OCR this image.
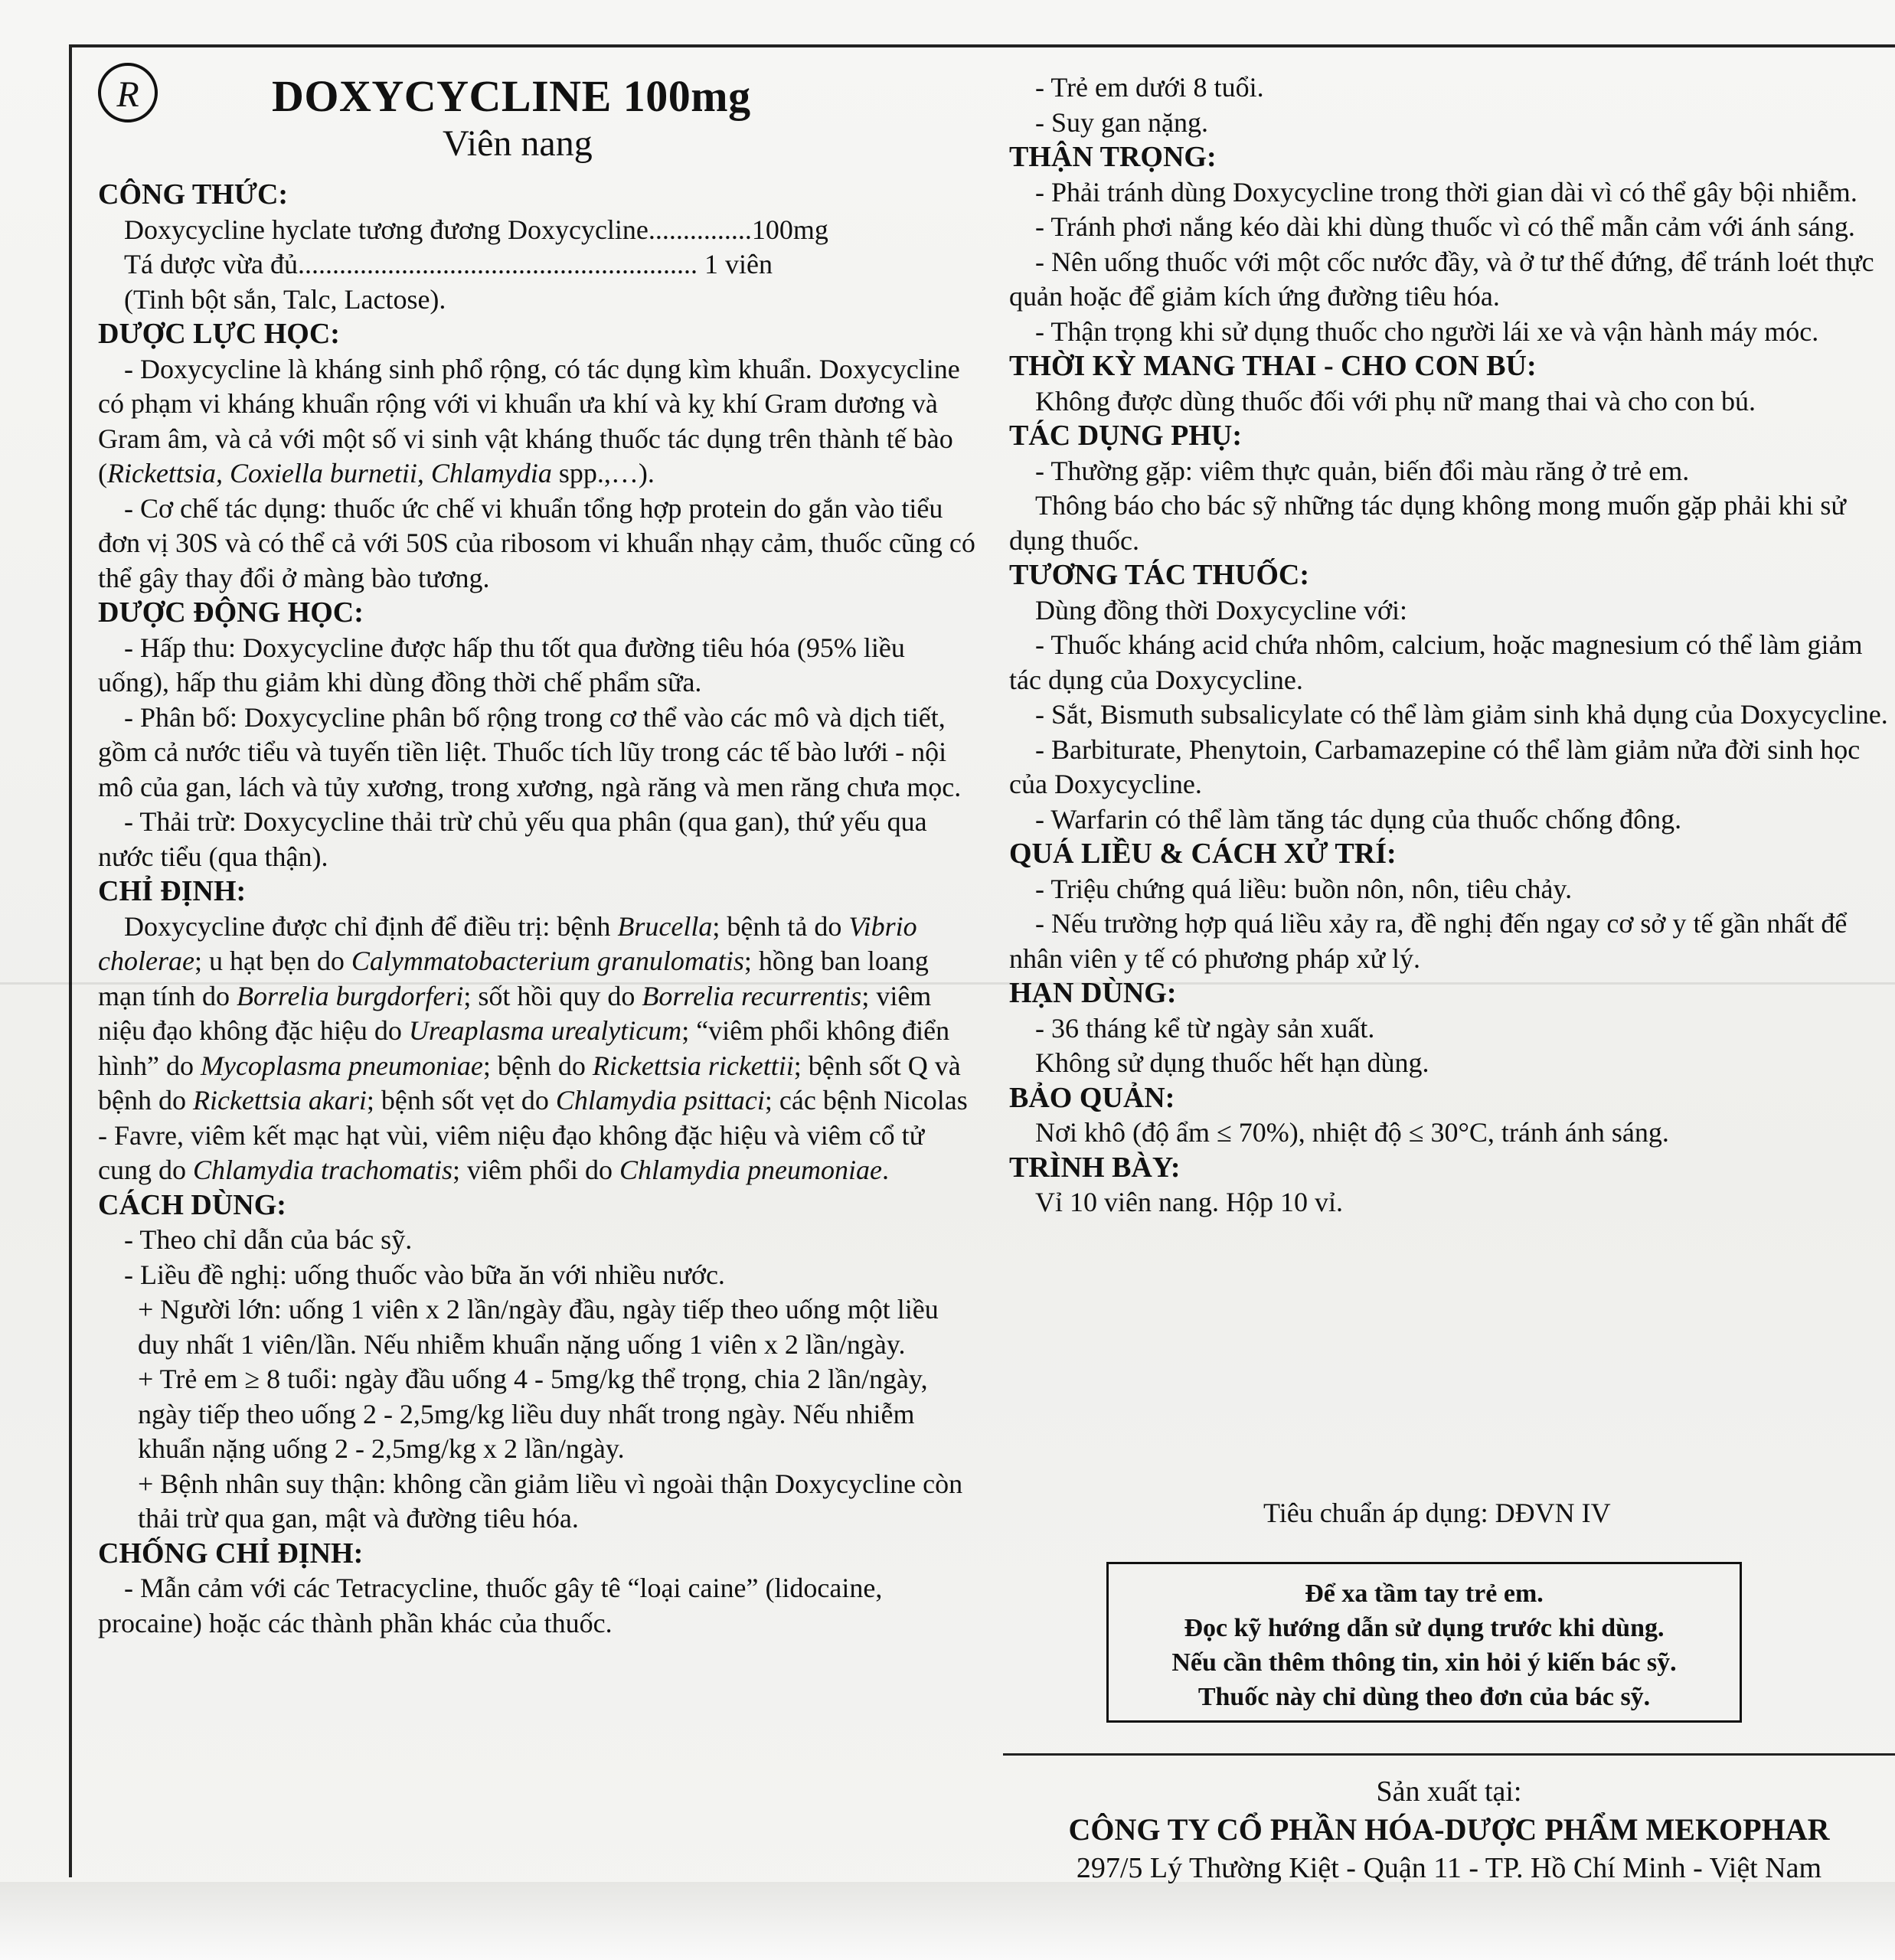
R	DOXYCYCLINE 100mg
Viên nang

CÔNG THỨC:

Doxycycline hyclate tương đương Doxycycline...............100mg

Tá dược vừa đủ.......................................................... 1 viên

(Tinh bột sắn, Talc, Lactose).

DƯỢC LỰC HỌC:

- Doxycycline là kháng sinh phổ rộng, có tác dụng kìm khuẩn. Doxycycline có phạm vi kháng khuẩn rộng với vi khuẩn ưa khí và kỵ khí Gram dương và Gram âm, và cả với một số vi sinh vật kháng thuốc tác dụng trên thành tế bào (Rickettsia, Coxiella burnetii, Chlamydia spp.,…).

- Cơ chế tác dụng: thuốc ức chế vi khuẩn tổng hợp protein do gắn vào tiểu đơn vị 30S và có thể cả với 50S của ribosom vi khuẩn nhạy cảm, thuốc cũng có thể gây thay đổi ở màng bào tương.

DƯỢC ĐỘNG HỌC:

- Hấp thu: Doxycycline được hấp thu tốt qua đường tiêu hóa (95% liều uống), hấp thu giảm khi dùng đồng thời chế phẩm sữa.

- Phân bố: Doxycycline phân bố rộng trong cơ thể vào các mô và dịch tiết, gồm cả nước tiểu và tuyến tiền liệt. Thuốc tích lũy trong các tế bào lưới - nội mô của gan, lách và tủy xương, trong xương, ngà răng và men răng chưa mọc.

- Thải trừ: Doxycycline thải trừ chủ yếu qua phân (qua gan), thứ yếu qua nước tiểu (qua thận).

CHỈ ĐỊNH:

Doxycycline được chỉ định để điều trị: bệnh Brucella; bệnh tả do Vibrio cholerae; u hạt bẹn do Calymmatobacterium granulomatis; hồng ban loang mạn tính do Borrelia burgdorferi; sốt hồi quy do Borrelia recurrentis; viêm niệu đạo không đặc hiệu do Ureaplasma urealyticum; “viêm phổi không điển hình” do Mycoplasma pneumoniae; bệnh do Rickettsia rickettii; bệnh sốt Q và bệnh do Rickettsia akari; bệnh sốt vẹt do Chlamydia psittaci; các bệnh Nicolas - Favre, viêm kết mạc hạt vùi, viêm niệu đạo không đặc hiệu và viêm cổ tử cung do Chlamydia trachomatis; viêm phổi do Chlamydia pneumoniae.

CÁCH DÙNG:

- Theo chỉ dẫn của bác sỹ.

- Liều đề nghị: uống thuốc vào bữa ăn với nhiều nước.

+ Người lớn: uống 1 viên x 2 lần/ngày đầu, ngày tiếp theo uống một liều duy nhất 1 viên/lần. Nếu nhiễm khuẩn nặng uống 1 viên x 2 lần/ngày.

+ Trẻ em ≥ 8 tuổi: ngày đầu uống 4 - 5mg/kg thể trọng, chia 2 lần/ngày, ngày tiếp theo uống 2 - 2,5mg/kg liều duy nhất trong ngày. Nếu nhiễm khuẩn nặng uống 2 - 2,5mg/kg x 2 lần/ngày.

+ Bệnh nhân suy thận: không cần giảm liều vì ngoài thận Doxycycline còn thải trừ qua gan, mật và đường tiêu hóa.

CHỐNG CHỈ ĐỊNH:

- Mẫn cảm với các Tetracycline, thuốc gây tê “loại caine” (lidocaine, procaine) hoặc các thành phần khác của thuốc.

- Trẻ em dưới 8 tuổi.

- Suy gan nặng.

THẬN TRỌNG:

- Phải tránh dùng Doxycycline trong thời gian dài vì có thể gây bội nhiễm.

- Tránh phơi nắng kéo dài khi dùng thuốc vì có thể mẫn cảm với ánh sáng.

- Nên uống thuốc với một cốc nước đầy, và ở tư thế đứng, để tránh loét thực quản hoặc để giảm kích ứng đường tiêu hóa.

- Thận trọng khi sử dụng thuốc cho người lái xe và vận hành máy móc.

THỜI KỲ MANG THAI - CHO CON BÚ:

Không được dùng thuốc đối với phụ nữ mang thai và cho con bú.

TÁC DỤNG PHỤ:

- Thường gặp: viêm thực quản, biến đổi màu răng ở trẻ em.

Thông báo cho bác sỹ những tác dụng không mong muốn gặp phải khi sử dụng thuốc.

TƯƠNG TÁC THUỐC:

Dùng đồng thời Doxycycline với:

- Thuốc kháng acid chứa nhôm, calcium, hoặc magnesium có thể làm giảm tác dụng của Doxycycline.

- Sắt, Bismuth subsalicylate có thể làm giảm sinh khả dụng của Doxycycline.

- Barbiturate, Phenytoin, Carbamazepine có thể làm giảm nửa đời sinh học của Doxycycline.

- Warfarin có thể làm tăng tác dụng của thuốc chống đông.

QUÁ LIỀU & CÁCH XỬ TRÍ:

- Triệu chứng quá liều: buồn nôn, nôn, tiêu chảy.

- Nếu trường hợp quá liều xảy ra, đề nghị đến ngay cơ sở y tế gần nhất để nhân viên y tế có phương pháp xử lý.

HẠN DÙNG:

- 36 tháng kể từ ngày sản xuất.

Không sử dụng thuốc hết hạn dùng.

BẢO QUẢN:

Nơi khô (độ ẩm ≤ 70%), nhiệt độ ≤ 30°C, tránh ánh sáng.

TRÌNH BÀY:

Vỉ 10 viên nang. Hộp 10 vỉ.

Tiêu chuẩn áp dụng: DĐVN IV
Để xa tầm tay trẻ em.
Đọc kỹ hướng dẫn sử dụng trước khi dùng.
Nếu cần thêm thông tin, xin hỏi ý kiến bác sỹ.
Thuốc này chỉ dùng theo đơn của bác sỹ.
Sản xuất tại:
CÔNG TY CỔ PHẦN HÓA-DƯỢC PHẨM MEKOPHAR
297/5 Lý Thường Kiệt - Quận 11 - TP. Hồ Chí Minh - Việt Nam
